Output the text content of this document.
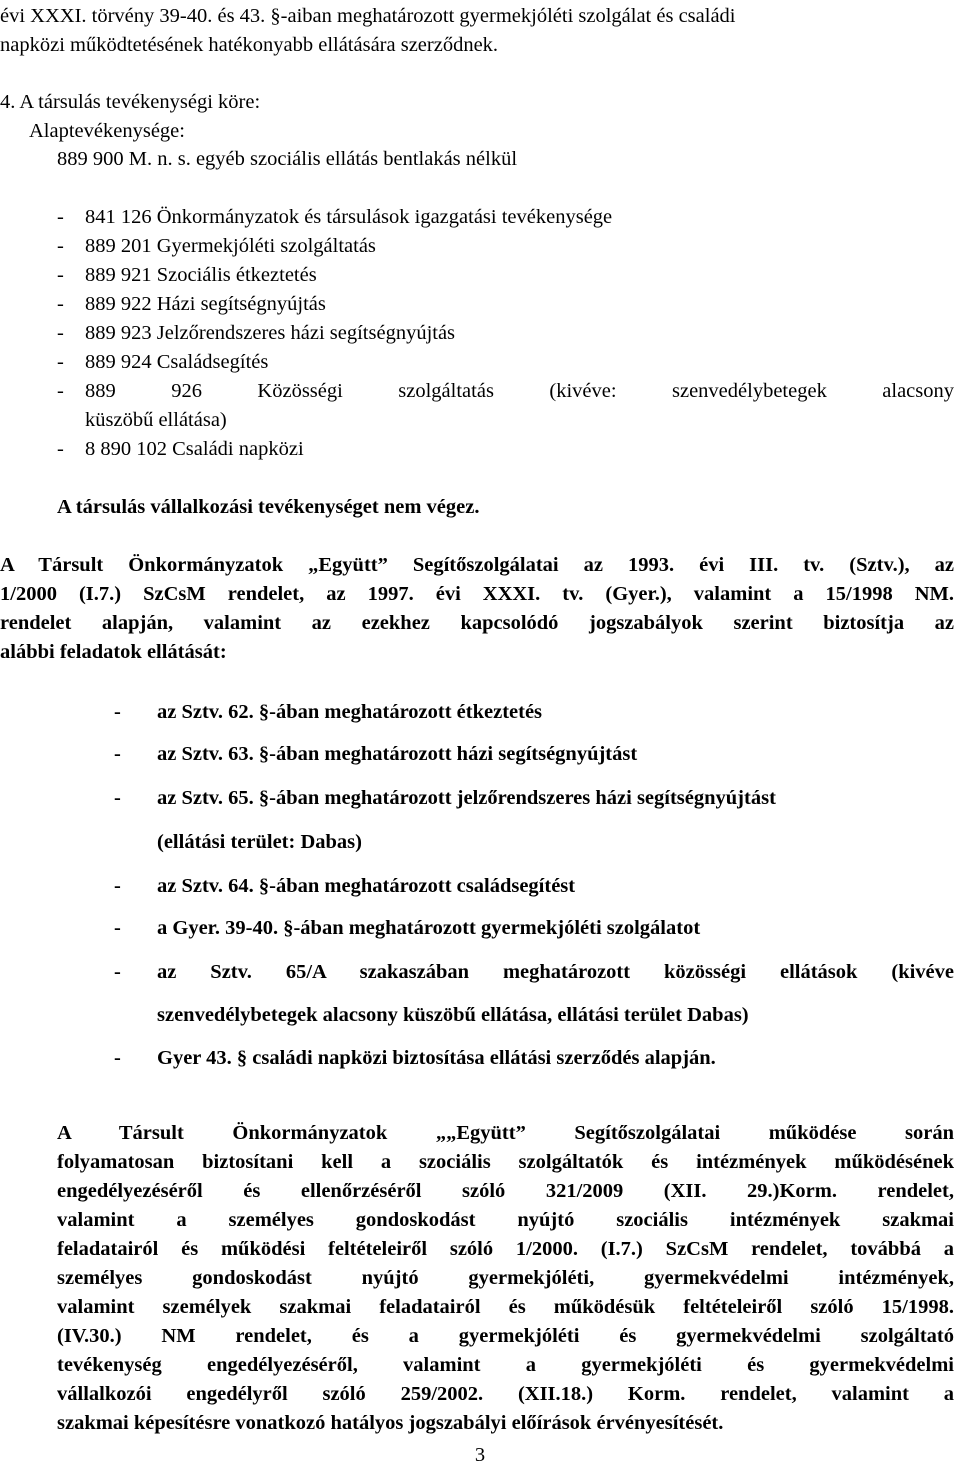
évi XXXI. törvény 39-40. és 43. §-aiban meghatározott gyermekjóléti szolgálat és családi
napközi működtetésének hatékonyabb ellátására szerződnek.
4. A társulás tevékenységi köre:
Alaptevékenysége:
889 900 M. n. s. egyéb szociális ellátás bentlakás nélkül
- 841 126 Önkormányzatok és társulások igazgatási tevékenysége
- 889 201 Gyermekjóléti szolgáltatás
- 889 921 Szociális étkeztetés
- 889 922 Házi segítségnyújtás
- 889 923 Jelzőrendszeres házi segítségnyújtás
- 889 924 Családsegítés
- 889 926 Közösségi szolgáltatás (kivéve: szenvedélybetegek alacsony
küszöbű ellátása)
- 8 890 102 Családi napközi
A társulás vállalkozási tevékenységet nem végez.
A Társult Önkormányzatok „Együtt” Segítőszolgálatai az 1993. évi III. tv. (Sztv.), az
1/2000 (I.7.) SzCsM rendelet, az 1997. évi XXXI. tv. (Gyer.), valamint a 15/1998 NM.
rendelet alapján, valamint az ezekhez kapcsolódó jogszabályok szerint biztosítja az
alábbi feladatok ellátását:
- az Sztv. 62. §-ában meghatározott étkeztetés
- az Sztv. 63. §-ában meghatározott házi segítségnyújtást
- az Sztv. 65. §-ában meghatározott jelzőrendszeres házi segítségnyújtást
(ellátási terület: Dabas)
- az Sztv. 64. §-ában meghatározott családsegítést
- a Gyer. 39-40. §-ában meghatározott gyermekjóléti szolgálatot
- az Sztv. 65/A szakaszában meghatározott közösségi ellátások (kivéve
szenvedélybetegek alacsony küszöbű ellátása, ellátási terület Dabas)
- Gyer 43. § családi napközi biztosítása ellátási szerződés alapján.
A Társult Önkormányzatok „„Együtt” Segítőszolgálatai működése során
folyamatosan biztosítani kell a szociális szolgáltatók és intézmények működésének
engedélyezéséről és ellenőrzéséről szóló 321/2009 (XII. 29.)Korm. rendelet,
valamint a személyes gondoskodást nyújtó szociális intézmények szakmai
feladatairól és működési feltételeiről szóló 1/2000. (I.7.) SzCsM rendelet, továbbá a
személyes gondoskodást nyújtó gyermekjóléti, gyermekvédelmi intézmények,
valamint személyek szakmai feladatairól és működésük feltételeiről szóló 15/1998.
(IV.30.) NM rendelet, és a gyermekjóléti és gyermekvédelmi szolgáltató
tevékenység engedélyezéséről, valamint a gyermekjóléti és gyermekvédelmi
vállalkozói engedélyről szóló 259/2002. (XII.18.) Korm. rendelet, valamint a
szakmai képesítésre vonatkozó hatályos jogszabályi előírások érvényesítését.
3
